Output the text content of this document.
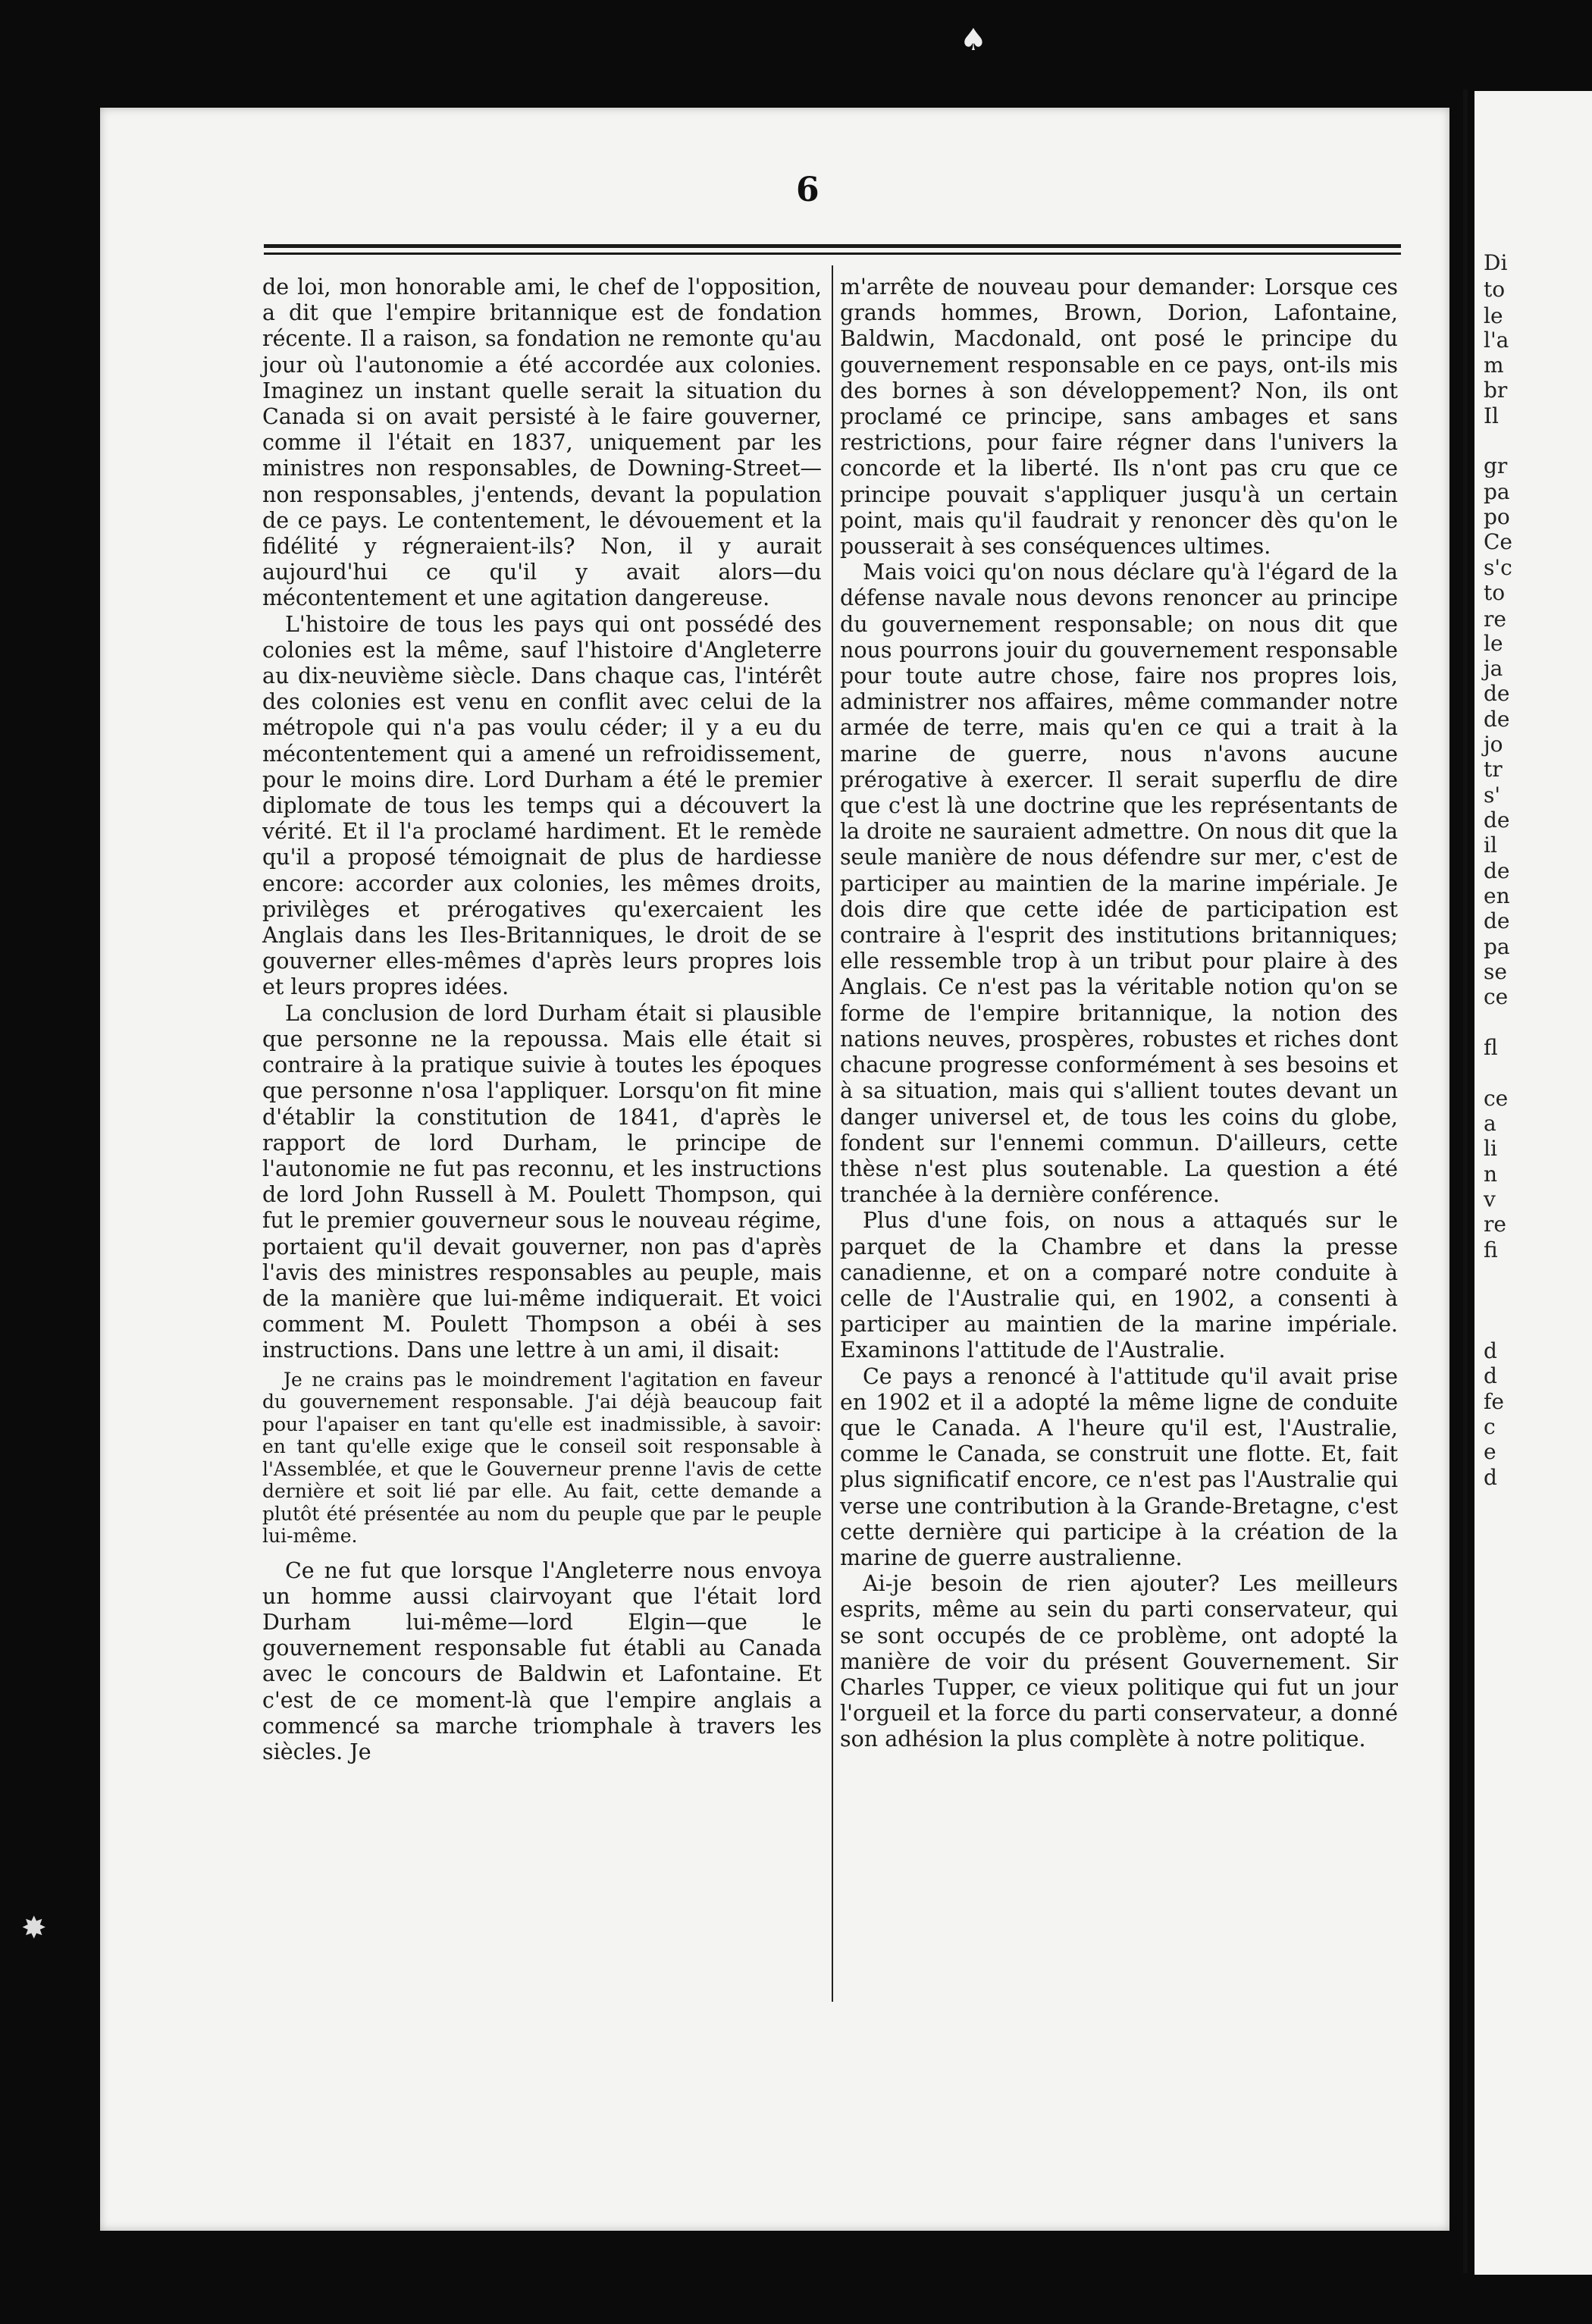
♠
✸
6

de loi, mon honorable ami, le chef de l'opposition, a dit que l'empire britannique est de fondation récente. Il a raison, sa fondation ne remonte qu'au jour où l'autonomie a été accordée aux colonies. Imaginez un instant quelle serait la situation du Canada si on avait persisté à le faire gouverner, comme il l'était en 1837, uniquement par les ministres non responsables, de Downing-Street—non responsables, j'entends, devant la population de ce pays. Le contentement, le dévouement et la fidélité y régneraient-ils? Non, il y aurait aujourd'hui ce qu'il y avait alors—du mécontentement et une agitation dangereuse.

L'histoire de tous les pays qui ont possédé des colonies est la même, sauf l'histoire d'Angleterre au dix-neuvième siècle. Dans chaque cas, l'intérêt des colonies est venu en conflit avec celui de la métropole qui n'a pas voulu céder; il y a eu du mécontentement qui a amené un refroidissement, pour le moins dire. Lord Durham a été le premier diplomate de tous les temps qui a découvert la vérité. Et il l'a proclamé hardiment. Et le remède qu'il a proposé témoignait de plus de hardiesse encore: accorder aux colonies, les mêmes droits, privilèges et prérogatives qu'exercaient les Anglais dans les Iles-Britanniques, le droit de se gouverner elles-mêmes d'après leurs propres lois et leurs propres idées.

La conclusion de lord Durham était si plausible que personne ne la repoussa. Mais elle était si contraire à la pratique suivie à toutes les époques que personne n'osa l'appliquer. Lorsqu'on fit mine d'établir la constitution de 1841, d'après le rapport de lord Durham, le principe de l'autonomie ne fut pas reconnu, et les instructions de lord John Russell à M. Poulett Thompson, qui fut le premier gouverneur sous le nouveau régime, portaient qu'il devait gouverner, non pas d'après l'avis des ministres responsables au peuple, mais de la manière que lui-même indiquerait. Et voici comment M. Poulett Thompson a obéi à ses instructions. Dans une lettre à un ami, il disait:

Je ne crains pas le moindrement l'agitation en faveur du gouvernement responsable. J'ai déjà beaucoup fait pour l'apaiser en tant qu'elle est inadmissible, à savoir: en tant qu'elle exige que le conseil soit responsable à l'Assemblée, et que le Gouverneur prenne l'avis de cette dernière et soit lié par elle. Au fait, cette demande a plutôt été présentée au nom du peuple que par le peuple lui-même.

Ce ne fut que lorsque l'Angleterre nous envoya un homme aussi clairvoyant que l'était lord Durham lui-même—lord Elgin—que le gouvernement responsable fut établi au Canada avec le concours de Baldwin et Lafontaine. Et c'est de ce moment-là que l'empire anglais a commencé sa marche triomphale à travers les siècles. Je

m'arrête de nouveau pour demander: Lorsque ces grands hommes, Brown, Dorion, Lafontaine, Baldwin, Macdonald, ont posé le principe du gouvernement responsable en ce pays, ont-ils mis des bornes à son développement? Non, ils ont proclamé ce principe, sans ambages et sans restrictions, pour faire régner dans l'univers la concorde et la liberté. Ils n'ont pas cru que ce principe pouvait s'appliquer jusqu'à un certain point, mais qu'il faudrait y renoncer dès qu'on le pousserait à ses conséquences ultimes.

Mais voici qu'on nous déclare qu'à l'égard de la défense navale nous devons renoncer au principe du gouvernement responsable; on nous dit que nous pourrons jouir du gouvernement responsable pour toute autre chose, faire nos propres lois, administrer nos affaires, même commander notre armée de terre, mais qu'en ce qui a trait à la marine de guerre, nous n'avons aucune prérogative à exercer. Il serait superflu de dire que c'est là une doctrine que les représentants de la droite ne sauraient admettre. On nous dit que la seule manière de nous défendre sur mer, c'est de participer au maintien de la marine impériale. Je dois dire que cette idée de participation est contraire à l'esprit des institutions britanniques; elle ressemble trop à un tribut pour plaire à des Anglais. Ce n'est pas la véritable notion qu'on se forme de l'empire britannique, la notion des nations neuves, prospères, robustes et riches dont chacune progresse conformément à ses besoins et à sa situation, mais qui s'allient toutes devant un danger universel et, de tous les coins du globe, fondent sur l'ennemi commun. D'ailleurs, cette thèse n'est plus soutenable. La question a été tranchée à la dernière conférence.

Plus d'une fois, on nous a attaqués sur le parquet de la Chambre et dans la presse canadienne, et on a comparé notre conduite à celle de l'Australie qui, en 1902, a consenti à participer au maintien de la marine impériale. Examinons l'attitude de l'Australie.

Ce pays a renoncé à l'attitude qu'il avait prise en 1902 et il a adopté la même ligne de conduite que le Canada. A l'heure qu'il est, l'Australie, comme le Canada, se construit une flotte. Et, fait plus significatif encore, ce n'est pas l'Australie qui verse une contribution à la Grande-Bretagne, c'est cette dernière qui participe à la création de la marine de guerre australienne.

Ai-je besoin de rien ajouter? Les meilleurs esprits, même au sein du parti conservateur, qui se sont occupés de ce problème, ont adopté la manière de voir du présent Gouvernement. Sir Charles Tupper, ce vieux politique qui fut un jour l'orgueil et la force du parti conservateur, a donné son adhésion la plus complète à notre politique.

Di
to
le
l'a
m
br
Il
gr
pa
po
Ce
s'c
to
re
le
ja
de
de
jo
tr
s'
de
il
de
en
de
pa
se
ce
fl
ce
a
li
n
v
re
fi
d
d
fe
c
e
d
